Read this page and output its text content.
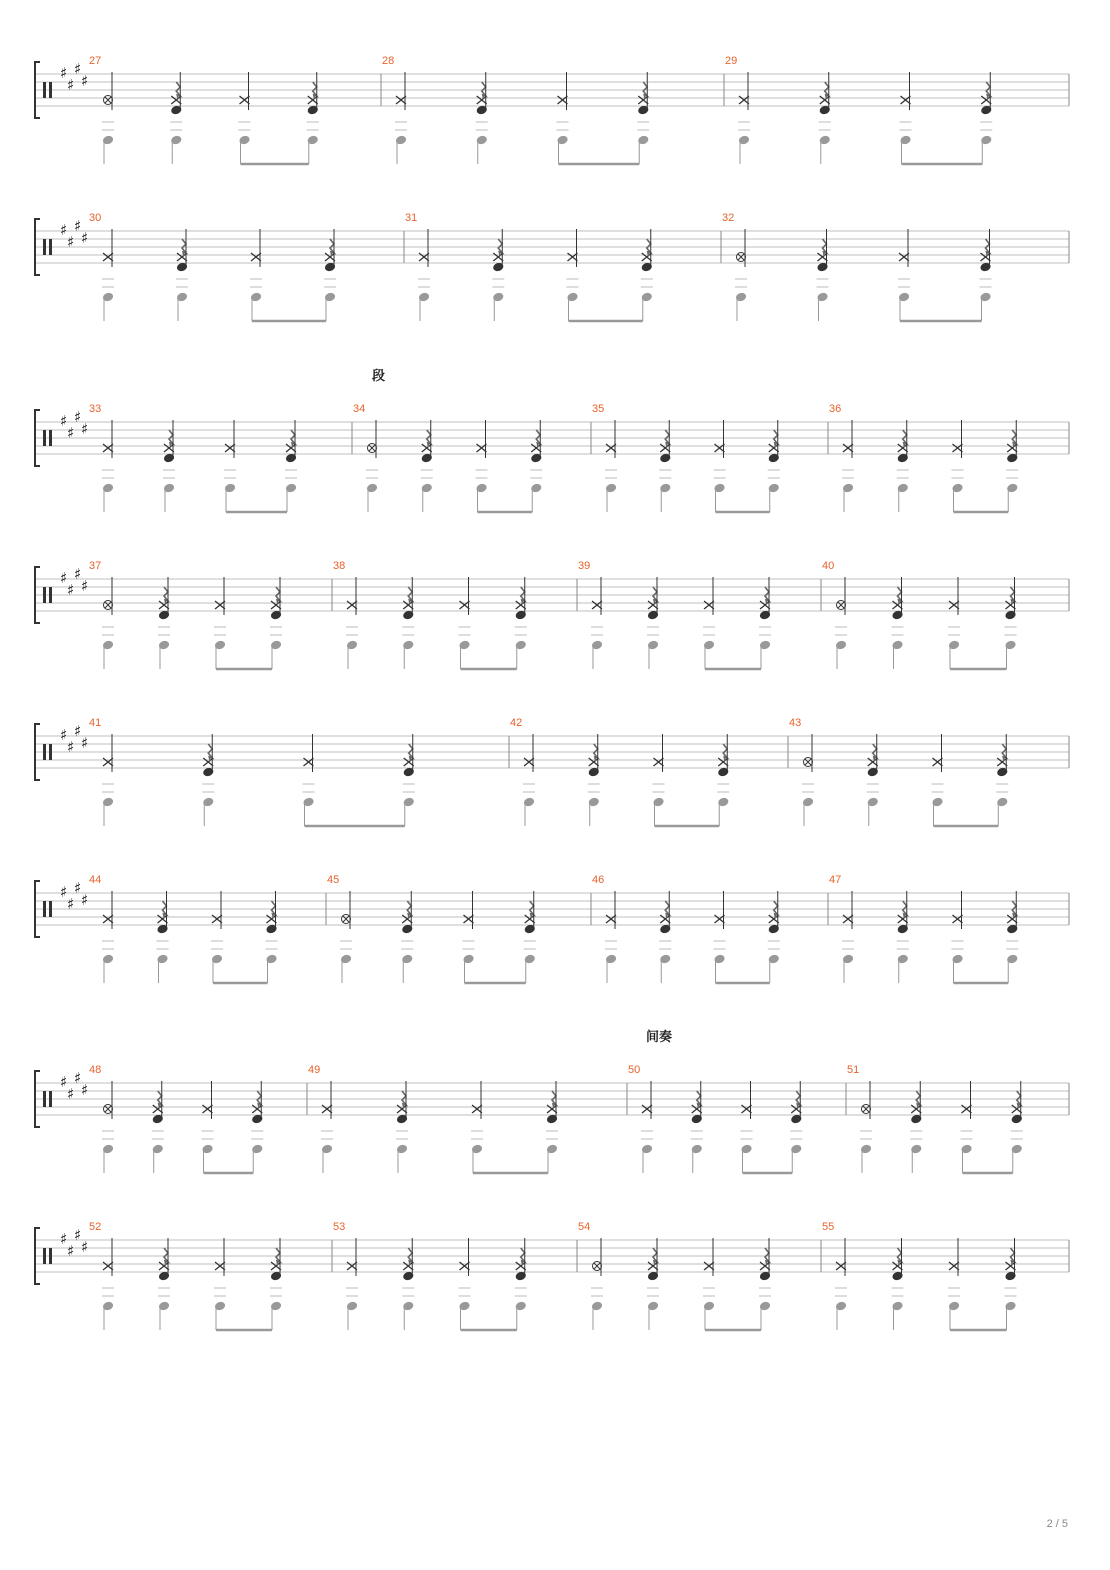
♯
♯
♯
♯
27	28	29
♯
♯
♯
♯
30	31	32
♯
♯
♯
♯
段
33	34	35	36
♯
♯
♯
♯
37	38	39	40
♯
♯
♯
♯
41	42	43
♯
♯
♯
♯
44	45	46	47
♯
♯
♯
♯
间奏
48	49	50	51
♯
♯
♯
♯
52	53	54	55
2 / 5
